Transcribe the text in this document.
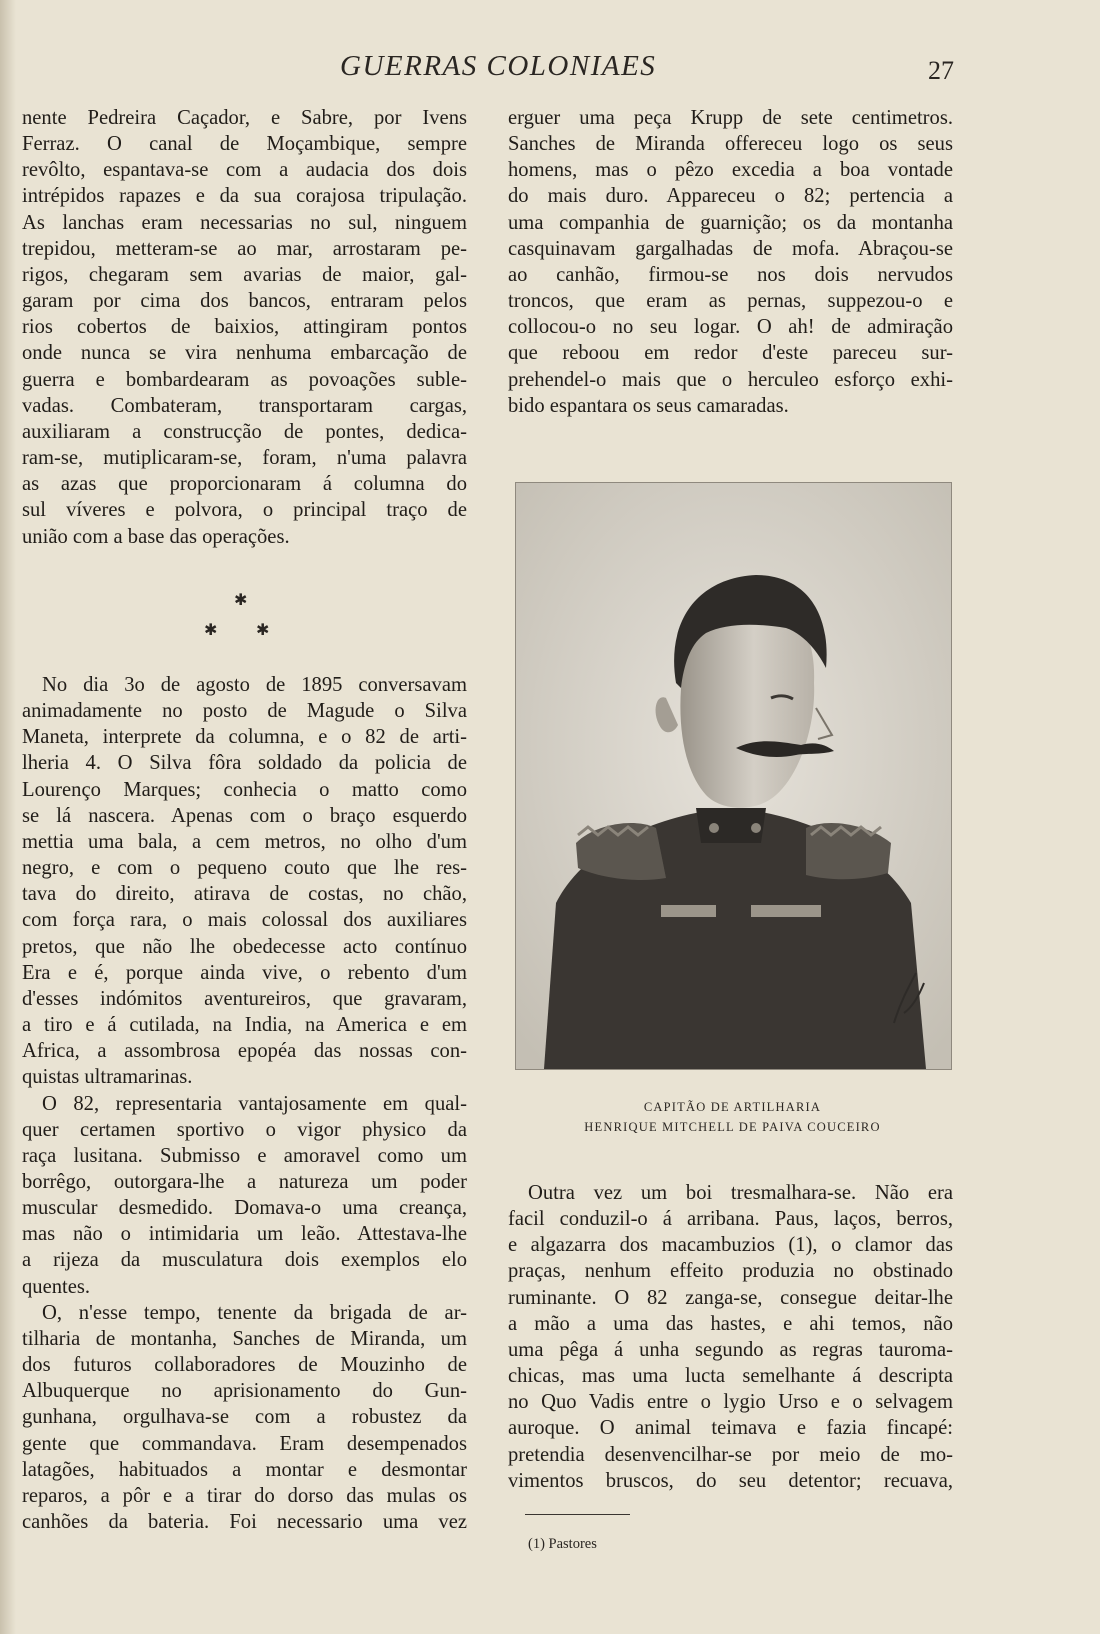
GUERRAS COLONIAES	27

nente Pedreira Caçador, e Sabre, por Ivens
Ferraz. O canal de Moçambique, sempre
revôlto, espantava-se com a audacia dos dois
intrépidos rapazes e da sua corajosa tripulação.
As lanchas eram necessarias no sul, ninguem
trepidou, metteram-se ao mar, arrostaram pe-
rigos, chegaram sem avarias de maior, gal-
garam por cima dos bancos, entraram pelos
rios cobertos de baixios, attingiram pontos
onde nunca se vira nenhuma embarcação de
guerra e bombardearam as povoações suble-
vadas. Combateram, transportaram cargas,
auxiliaram a construcção de pontes, dedica-
ram-se, mutiplicaram-se, foram, n'uma palavra
as azas que proporcionaram á columna do
sul víveres e polvora, o principal traço de
união com a base das operações.

✱
✱ ✱

No dia 3o de agosto de 1895 conversavam
animadamente no posto de Magude o Silva
Maneta, interprete da columna, e o 82 de arti-
lheria 4. O Silva fôra soldado da policia de
Lourenço Marques; conhecia o matto como
se lá nascera. Apenas com o braço esquerdo
mettia uma bala, a cem metros, no olho d'um
negro, e com o pequeno couto que lhe res-
tava do direito, atirava de costas, no chão,
com força rara, o mais colossal dos auxiliares
pretos, que não lhe obedecesse acto contínuo
Era e é, porque ainda vive, o rebento d'um
d'esses indómitos aventureiros, que gravaram,
a tiro e á cutilada, na India, na America e em
Africa, a assombrosa epopéa das nossas con-
quistas ultramarinas.

O 82, representaria vantajosamente em qual-
quer certamen sportivo o vigor physico da
raça lusitana. Submisso e amoravel como um
borrêgo, outorgara-lhe a natureza um poder
muscular desmedido. Domava-o uma creança,
mas não o intimidaria um leão. Attestava-lhe
a rijeza da musculatura dois exemplos elo
quentes.

O, n'esse tempo, tenente da brigada de ar-
tilharia de montanha, Sanches de Miranda, um
dos futuros collaboradores de Mouzinho de
Albuquerque no aprisionamento do Gun-
gunhana, orgulhava-se com a robustez da
gente que commandava. Eram desempenados
latagões, habituados a montar e desmontar
reparos, a pôr e a tirar do dorso das mulas os
canhões da bateria. Foi necessario uma vez

erguer uma peça Krupp de sete centimetros.
Sanches de Miranda offereceu logo os seus
homens, mas o pêzo excedia a boa vontade
do mais duro. Appareceu o 82; pertencia a
uma companhia de guarnição; os da montanha
casquinavam gargalhadas de mofa. Abraçou-se
ao canhão, firmou-se nos dois nervudos
troncos, que eram as pernas, suppezou-o e
collocou-o no seu logar. O ah! de admiração
que reboou em redor d'este pareceu sur-
prehendel-o mais que o herculeo esforço exhi-
bido espantara os seus camaradas.

CAPITÃO DE ARTILHARIA
HENRIQUE MITCHELL DE PAIVA COUCEIRO

Outra vez um boi tresmalhara-se. Não era
facil conduzil-o á arribana. Paus, laços, berros,
e algazarra dos macambuzios (1), o clamor das
praças, nenhum effeito produzia no obstinado
ruminante. O 82 zanga-se, consegue deitar-lhe
a mão a uma das hastes, e ahi temos, não
uma pêga á unha segundo as regras tauroma-
chicas, mas uma lucta semelhante á descripta
no Quo Vadis entre o lygio Urso e o selvagem
auroque. O animal teimava e fazia fincapé:
pretendia desenvencilhar-se por meio de mo-
vimentos bruscos, do seu detentor; recuava,

(1) Pastores
